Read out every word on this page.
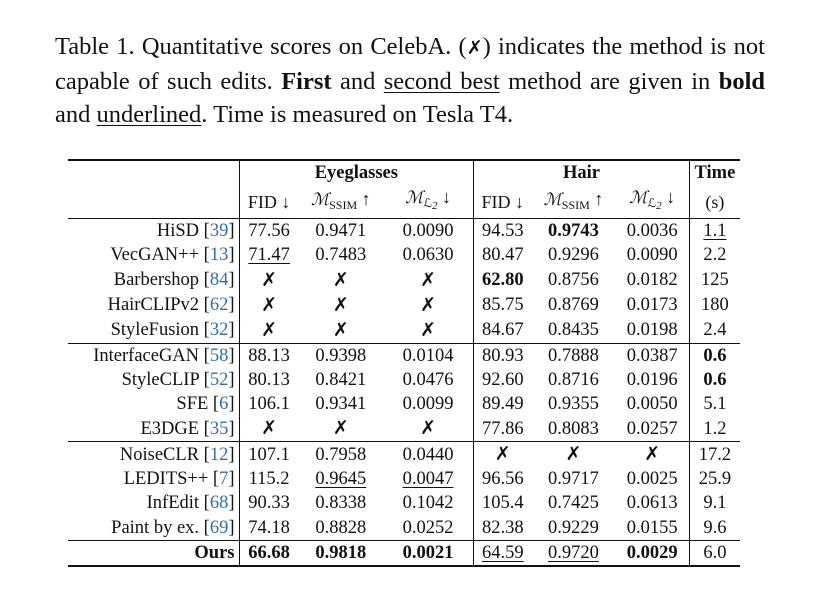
Table 1. Quantitative scores on CelebA. (✗) indicates the method is not capable of such edits. First and second best method are given in bold and underlined. Time is measured on Tesla T4.
	Eyeglasses			Hair			Time
	FID ↓	ℳ$_{SSIM}$ ↑	ℳ$_{ℒ2}$ ↓	FID ↓	ℳ$_{SSIM}$ ↑	ℳ$_{ℒ2}$ ↓	(s)
HiSD [39]	77.56	0.9471	0.0090	94.53	0.9743	0.0036	1.1
VecGAN++ [13]	71.47	0.7483	0.0630	80.47	0.9296	0.0090	2.2
Barbershop [84]	✗	✗	✗	62.80	0.8756	0.0182	125
HairCLIPv2 [62]	✗	✗	✗	85.75	0.8769	0.0173	180
StyleFusion [32]	✗	✗	✗	84.67	0.8435	0.0198	2.4
InterfaceGAN [58]	88.13	0.9398	0.0104	80.93	0.7888	0.0387	0.6
StyleCLIP [52]	80.13	0.8421	0.0476	92.60	0.8716	0.0196	0.6
SFE [6]	106.1	0.9341	0.0099	89.49	0.9355	0.0050	5.1
E3DGE [35]	✗	✗	✗	77.86	0.8083	0.0257	1.2
NoiseCLR [12]	107.1	0.7958	0.0440	✗	✗	✗	17.2
LEDITS++ [7]	115.2	0.9645	0.0047	96.56	0.9717	0.0025	25.9
InfEdit [68]	90.33	0.8338	0.1042	105.4	0.7425	0.0613	9.1
Paint by ex. [69]	74.18	0.8828	0.0252	82.38	0.9229	0.0155	9.6
Ours	66.68	0.9818	0.0021	64.59	0.9720	0.0029	6.0
